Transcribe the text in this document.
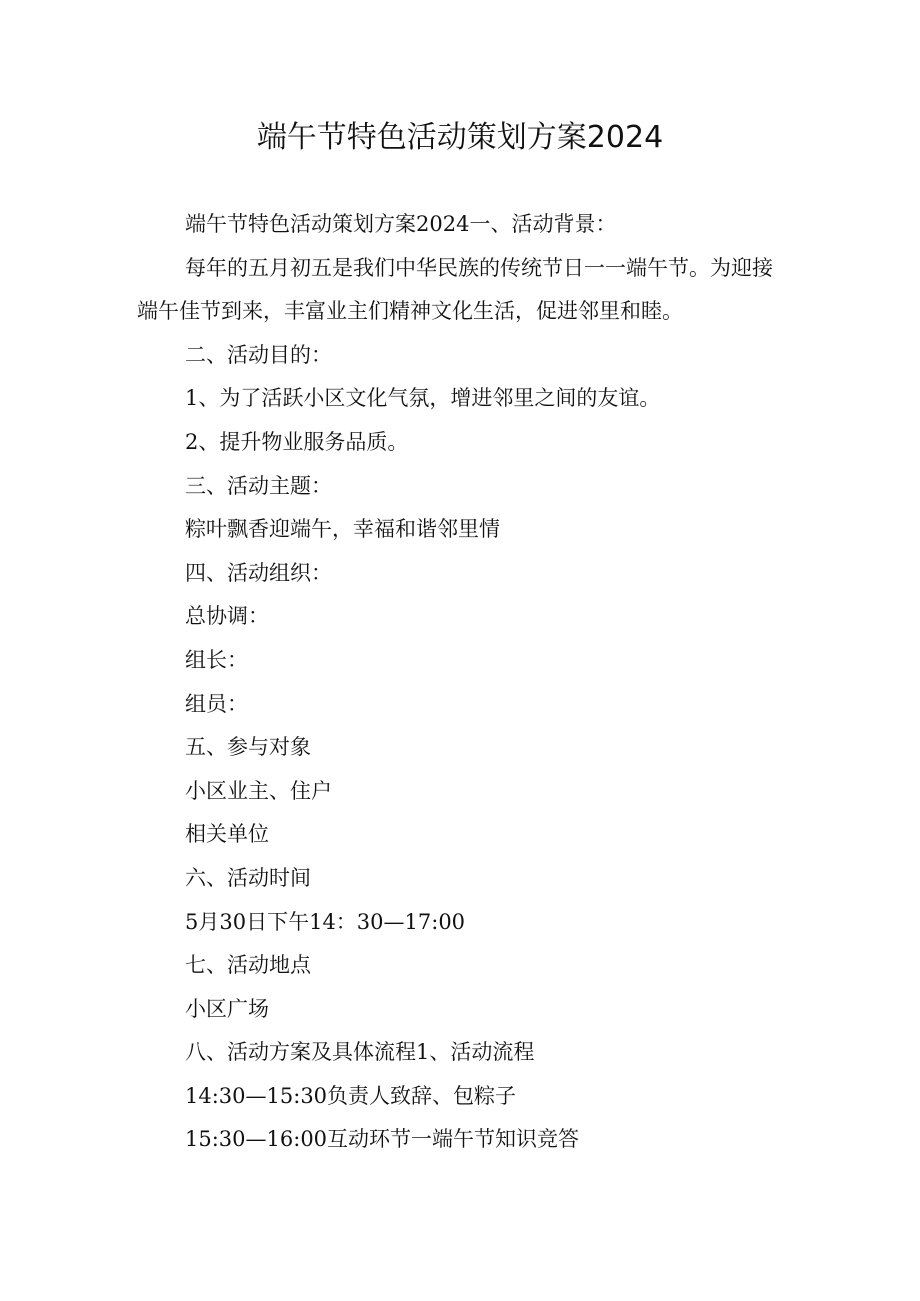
端午节特色活动策划方案2024

端午节特色活动策划方案2024一、活动背景：

每年的五月初五是我们中华民族的传统节日一一端午节。为迎接端午佳节到来，丰富业主们精神文化生活，促进邻里和睦。

二、活动目的：

1、为了活跃小区文化气氛，增进邻里之间的友谊。

2、提升物业服务品质。

三、活动主题：

粽叶飘香迎端午，幸福和谐邻里情

四、活动组织：

总协调：

组长：

组员：

五、参与对象

小区业主、住户

相关单位

六、活动时间

5月30日下午14：30—17:00

七、活动地点

小区广场

八、活动方案及具体流程1、活动流程

14:30—15:30负责人致辞、包粽子

15:30—16:00互动环节一端午节知识竞答
